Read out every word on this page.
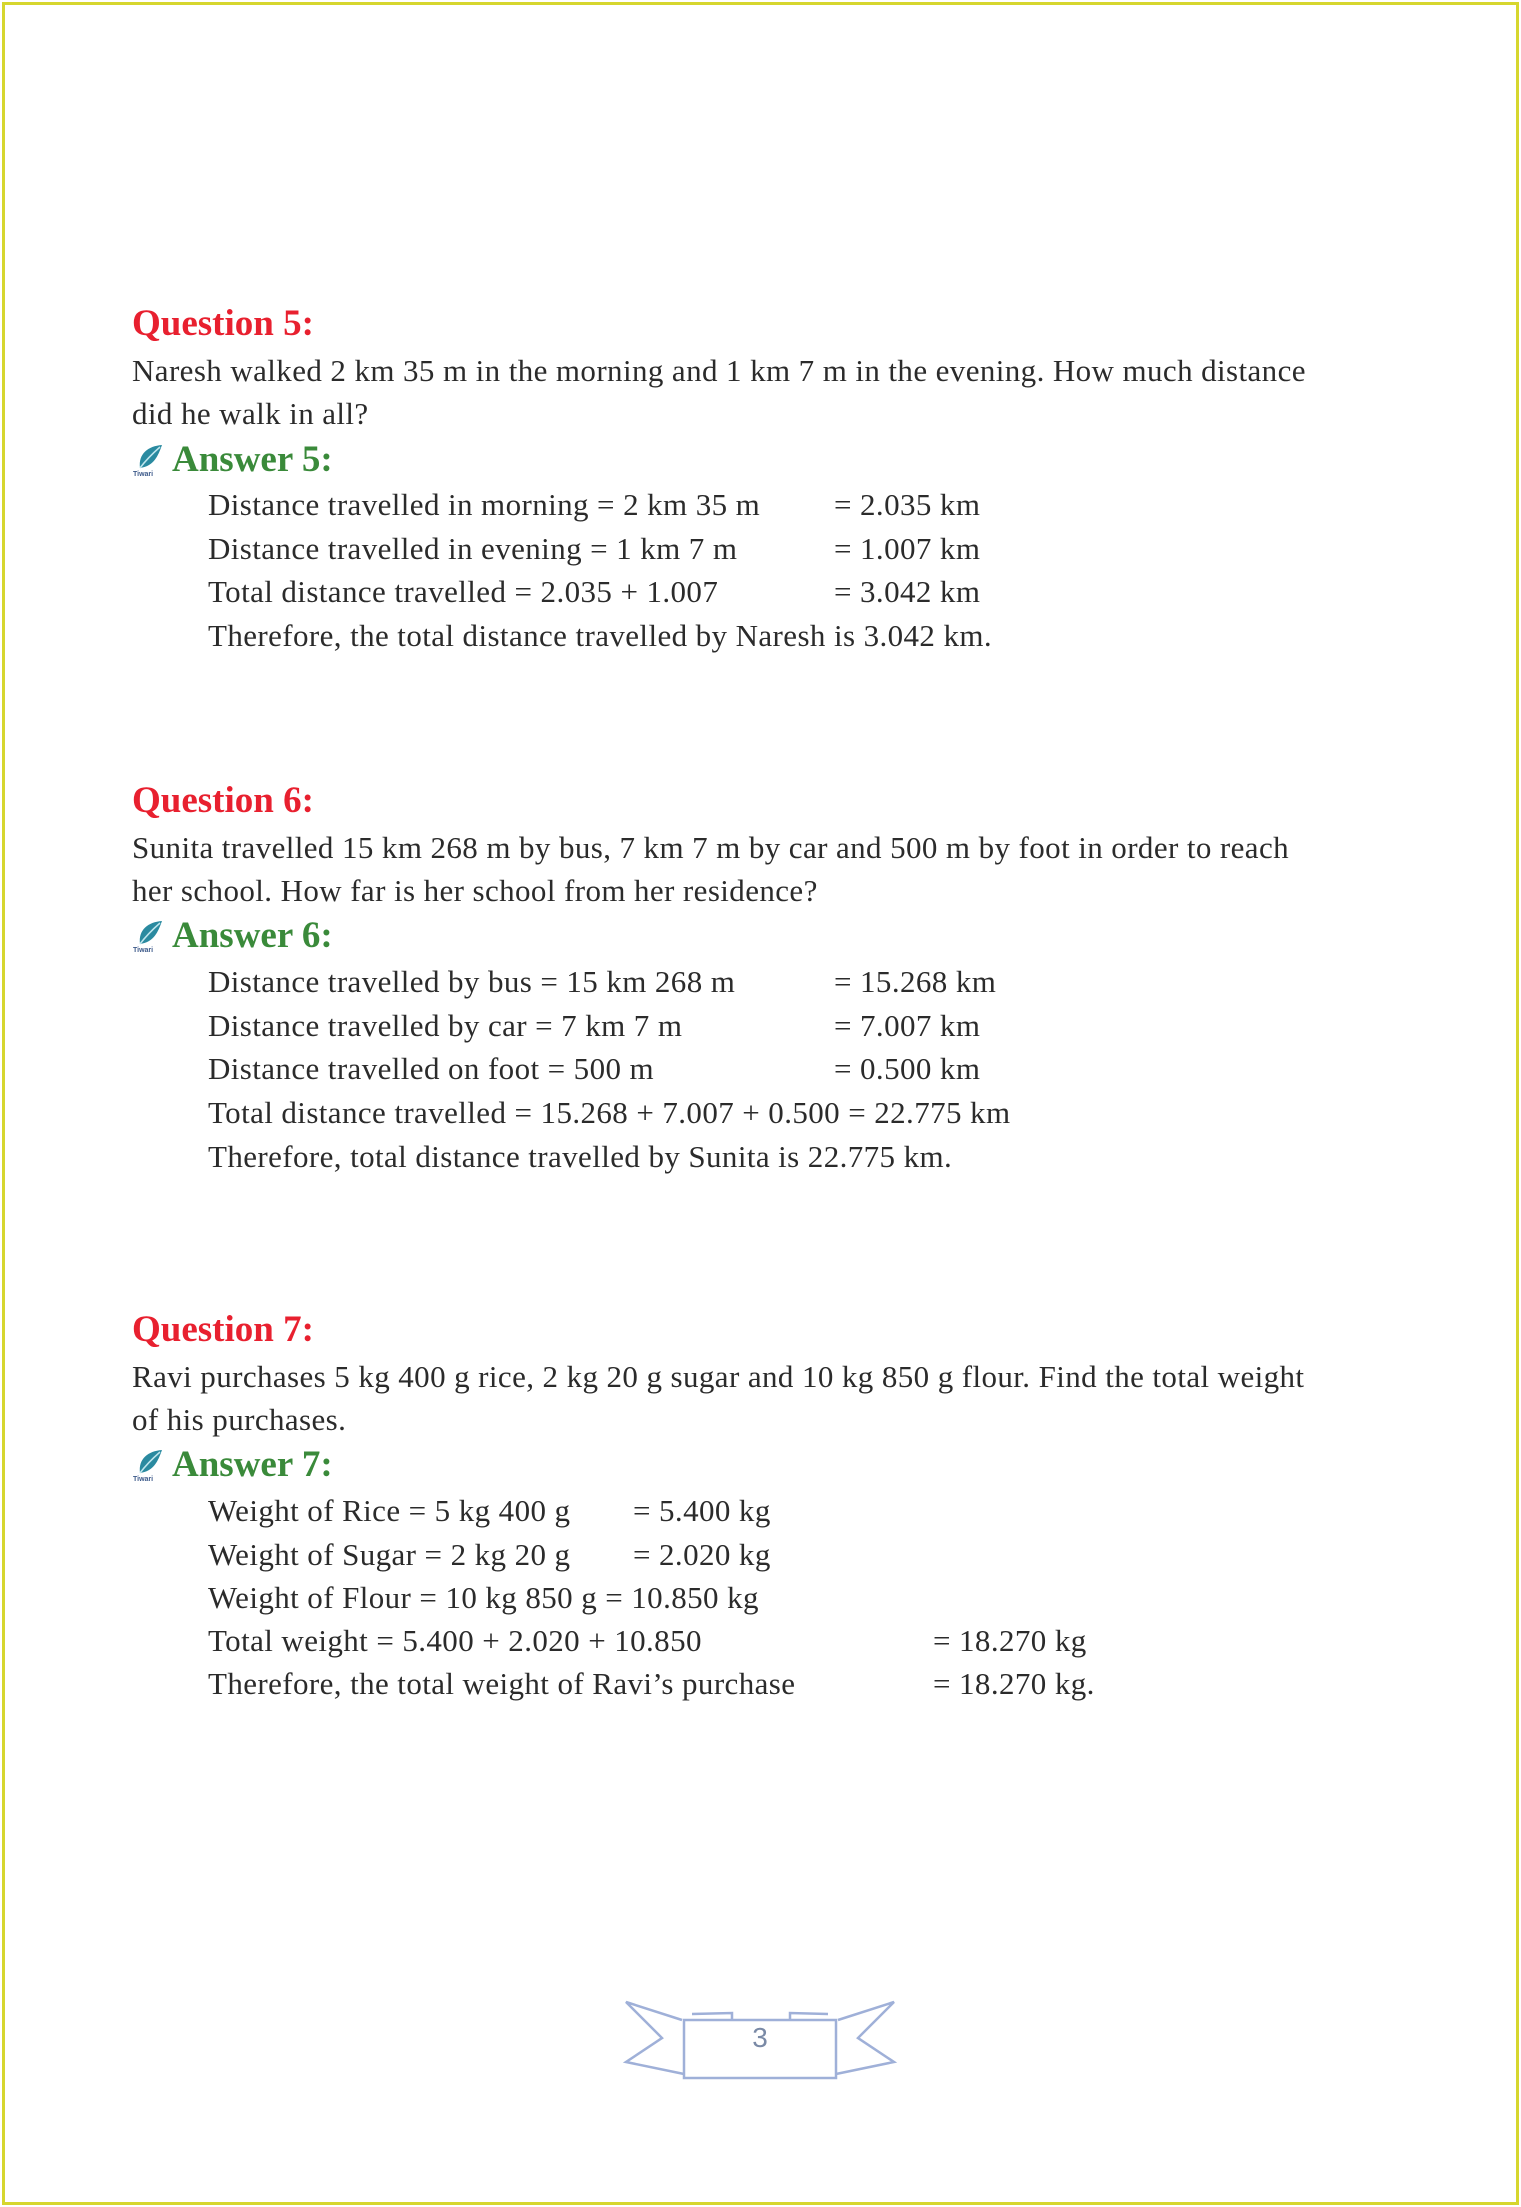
Question 5:
Naresh walked 2 km 35 m in the morning and 1 km 7 m in the evening. How much distance
did he walk in all?
Tiwari Answer 5:
Distance travelled in morning = 2 km 35 m = 2.035 km
Distance travelled in evening = 1 km 7 m	= 1.007 km
Total distance travelled = 2.035 + 1.007	= 3.042 km
Therefore, the total distance travelled by Naresh is 3.042 km.
Question 6:
Sunita travelled 15 km 268 m by bus, 7 km 7 m by car and 500 m by foot in order to reach
her school. How far is her school from her residence?
Tiwari Answer 6:
Distance travelled by bus = 15 km 268 m	= 15.268 km
Distance travelled by car = 7 km 7 m	= 7.007 km
Distance travelled on foot = 500 m	= 0.500 km
Total distance travelled = 15.268 + 7.007 + 0.500 = 22.775 km
Therefore, total distance travelled by Sunita is 22.775 km.
Question 7:
Ravi purchases 5 kg 400 g rice, 2 kg 20 g sugar and 10 kg 850 g flour. Find the total weight
of his purchases.
Tiwari Answer 7:
Weight of Rice = 5 kg 400 g = 5.400 kg
Weight of Sugar = 2 kg 20 g = 2.020 kg
Weight of Flour = 10 kg 850 g = 10.850 kg
Total weight = 5.400 + 2.020 + 10.850	= 18.270 kg
Therefore, the total weight of Ravi’s purchase	= 18.270 kg.
3
